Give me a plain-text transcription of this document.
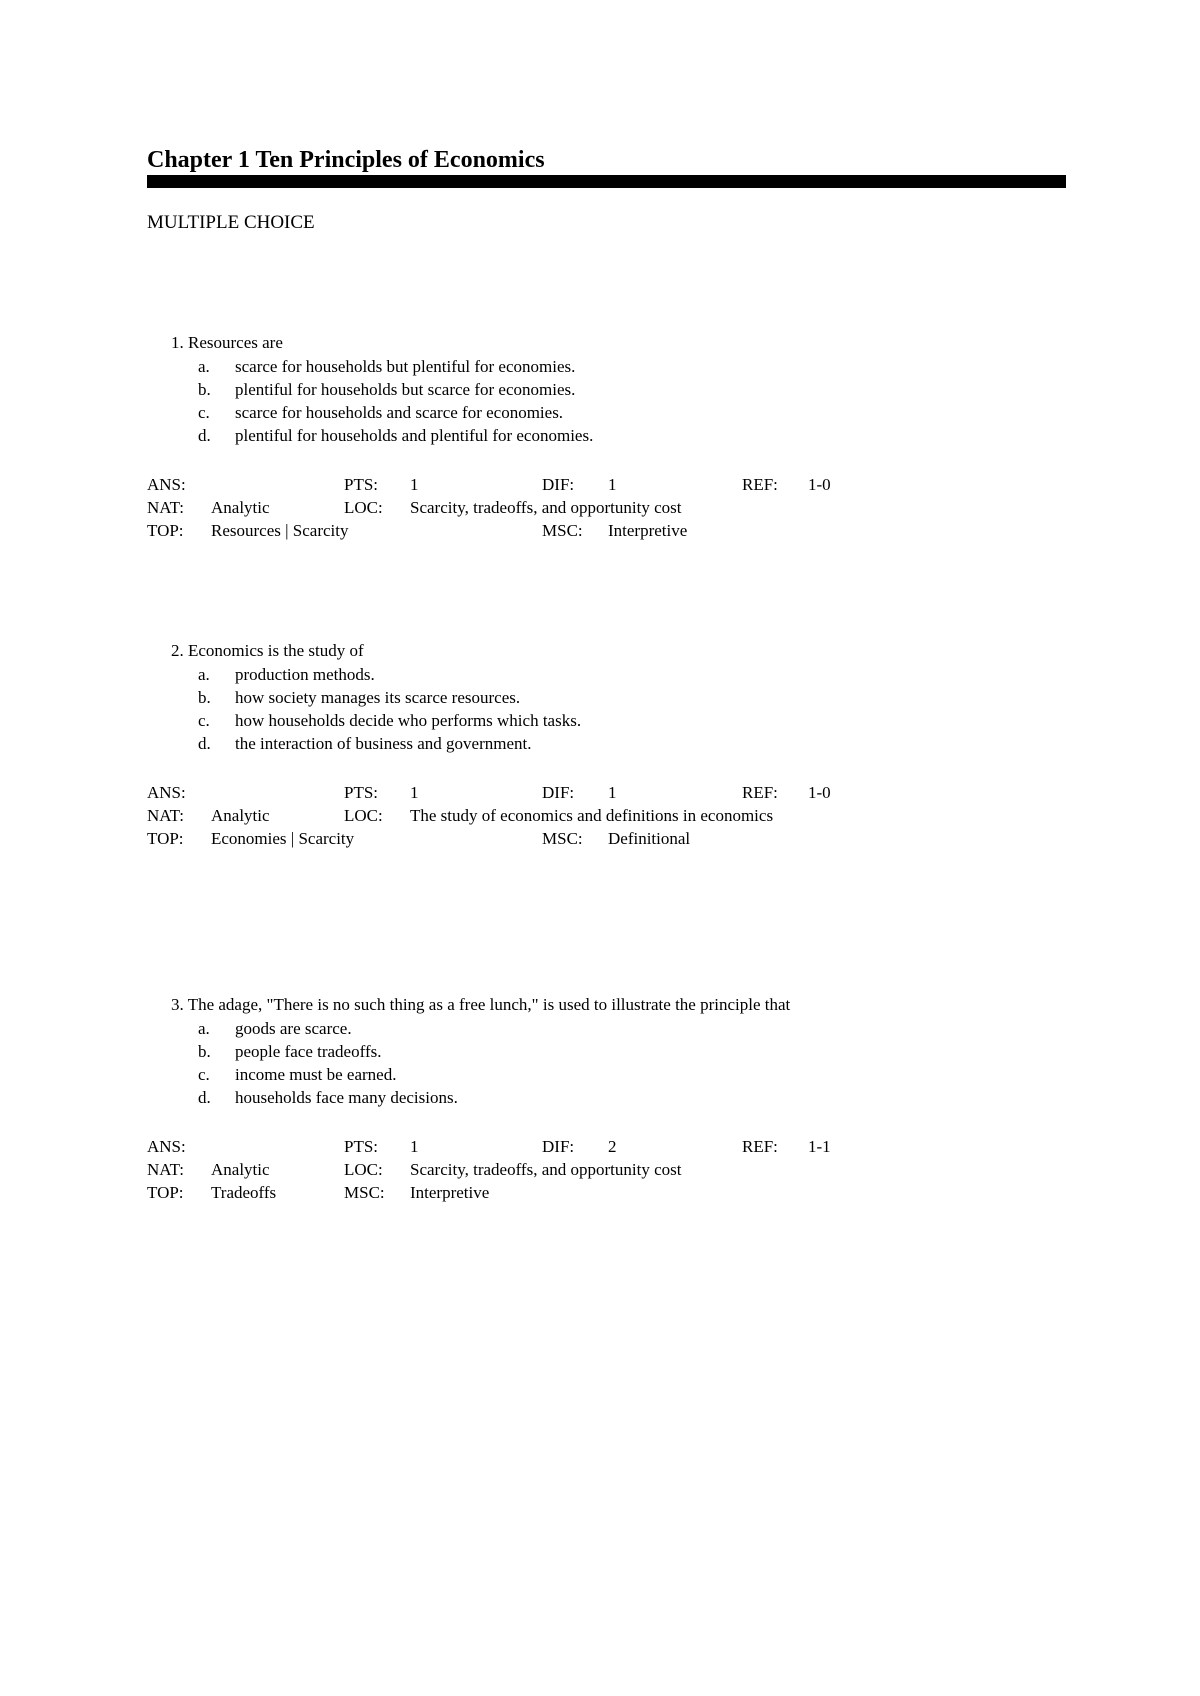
Chapter 1 Ten Principles of Economics
MULTIPLE CHOICE
1. Resources are
a. scarce for households but plentiful for economies.
b. plentiful for households but scarce for economies.
c. scarce for households and scarce for economies.
d. plentiful for households and plentiful for economies.
ANS:	PTS: 1	DIF: 1	REF: 1-0
NAT: Analytic	LOC: Scarcity, tradeoffs, and opportunity cost
TOP: Resources | Scarcity	MSC: Interpretive
2. Economics is the study of
a. production methods.
b. how society manages its scarce resources.
c. how households decide who performs which tasks.
d. the interaction of business and government.
ANS:	PTS: 1	DIF: 1	REF: 1-0
NAT: Analytic	LOC: The study of economics and definitions in economics
TOP: Economies | Scarcity	MSC: Definitional
3. The adage, "There is no such thing as a free lunch," is used to illustrate the principle that
a. goods are scarce.
b. people face tradeoffs.
c. income must be earned.
d. households face many decisions.
ANS:	PTS: 1	DIF: 2	REF: 1-1
NAT: Analytic	LOC: Scarcity, tradeoffs, and opportunity cost
TOP: Tradeoffs	MSC: Interpretive
